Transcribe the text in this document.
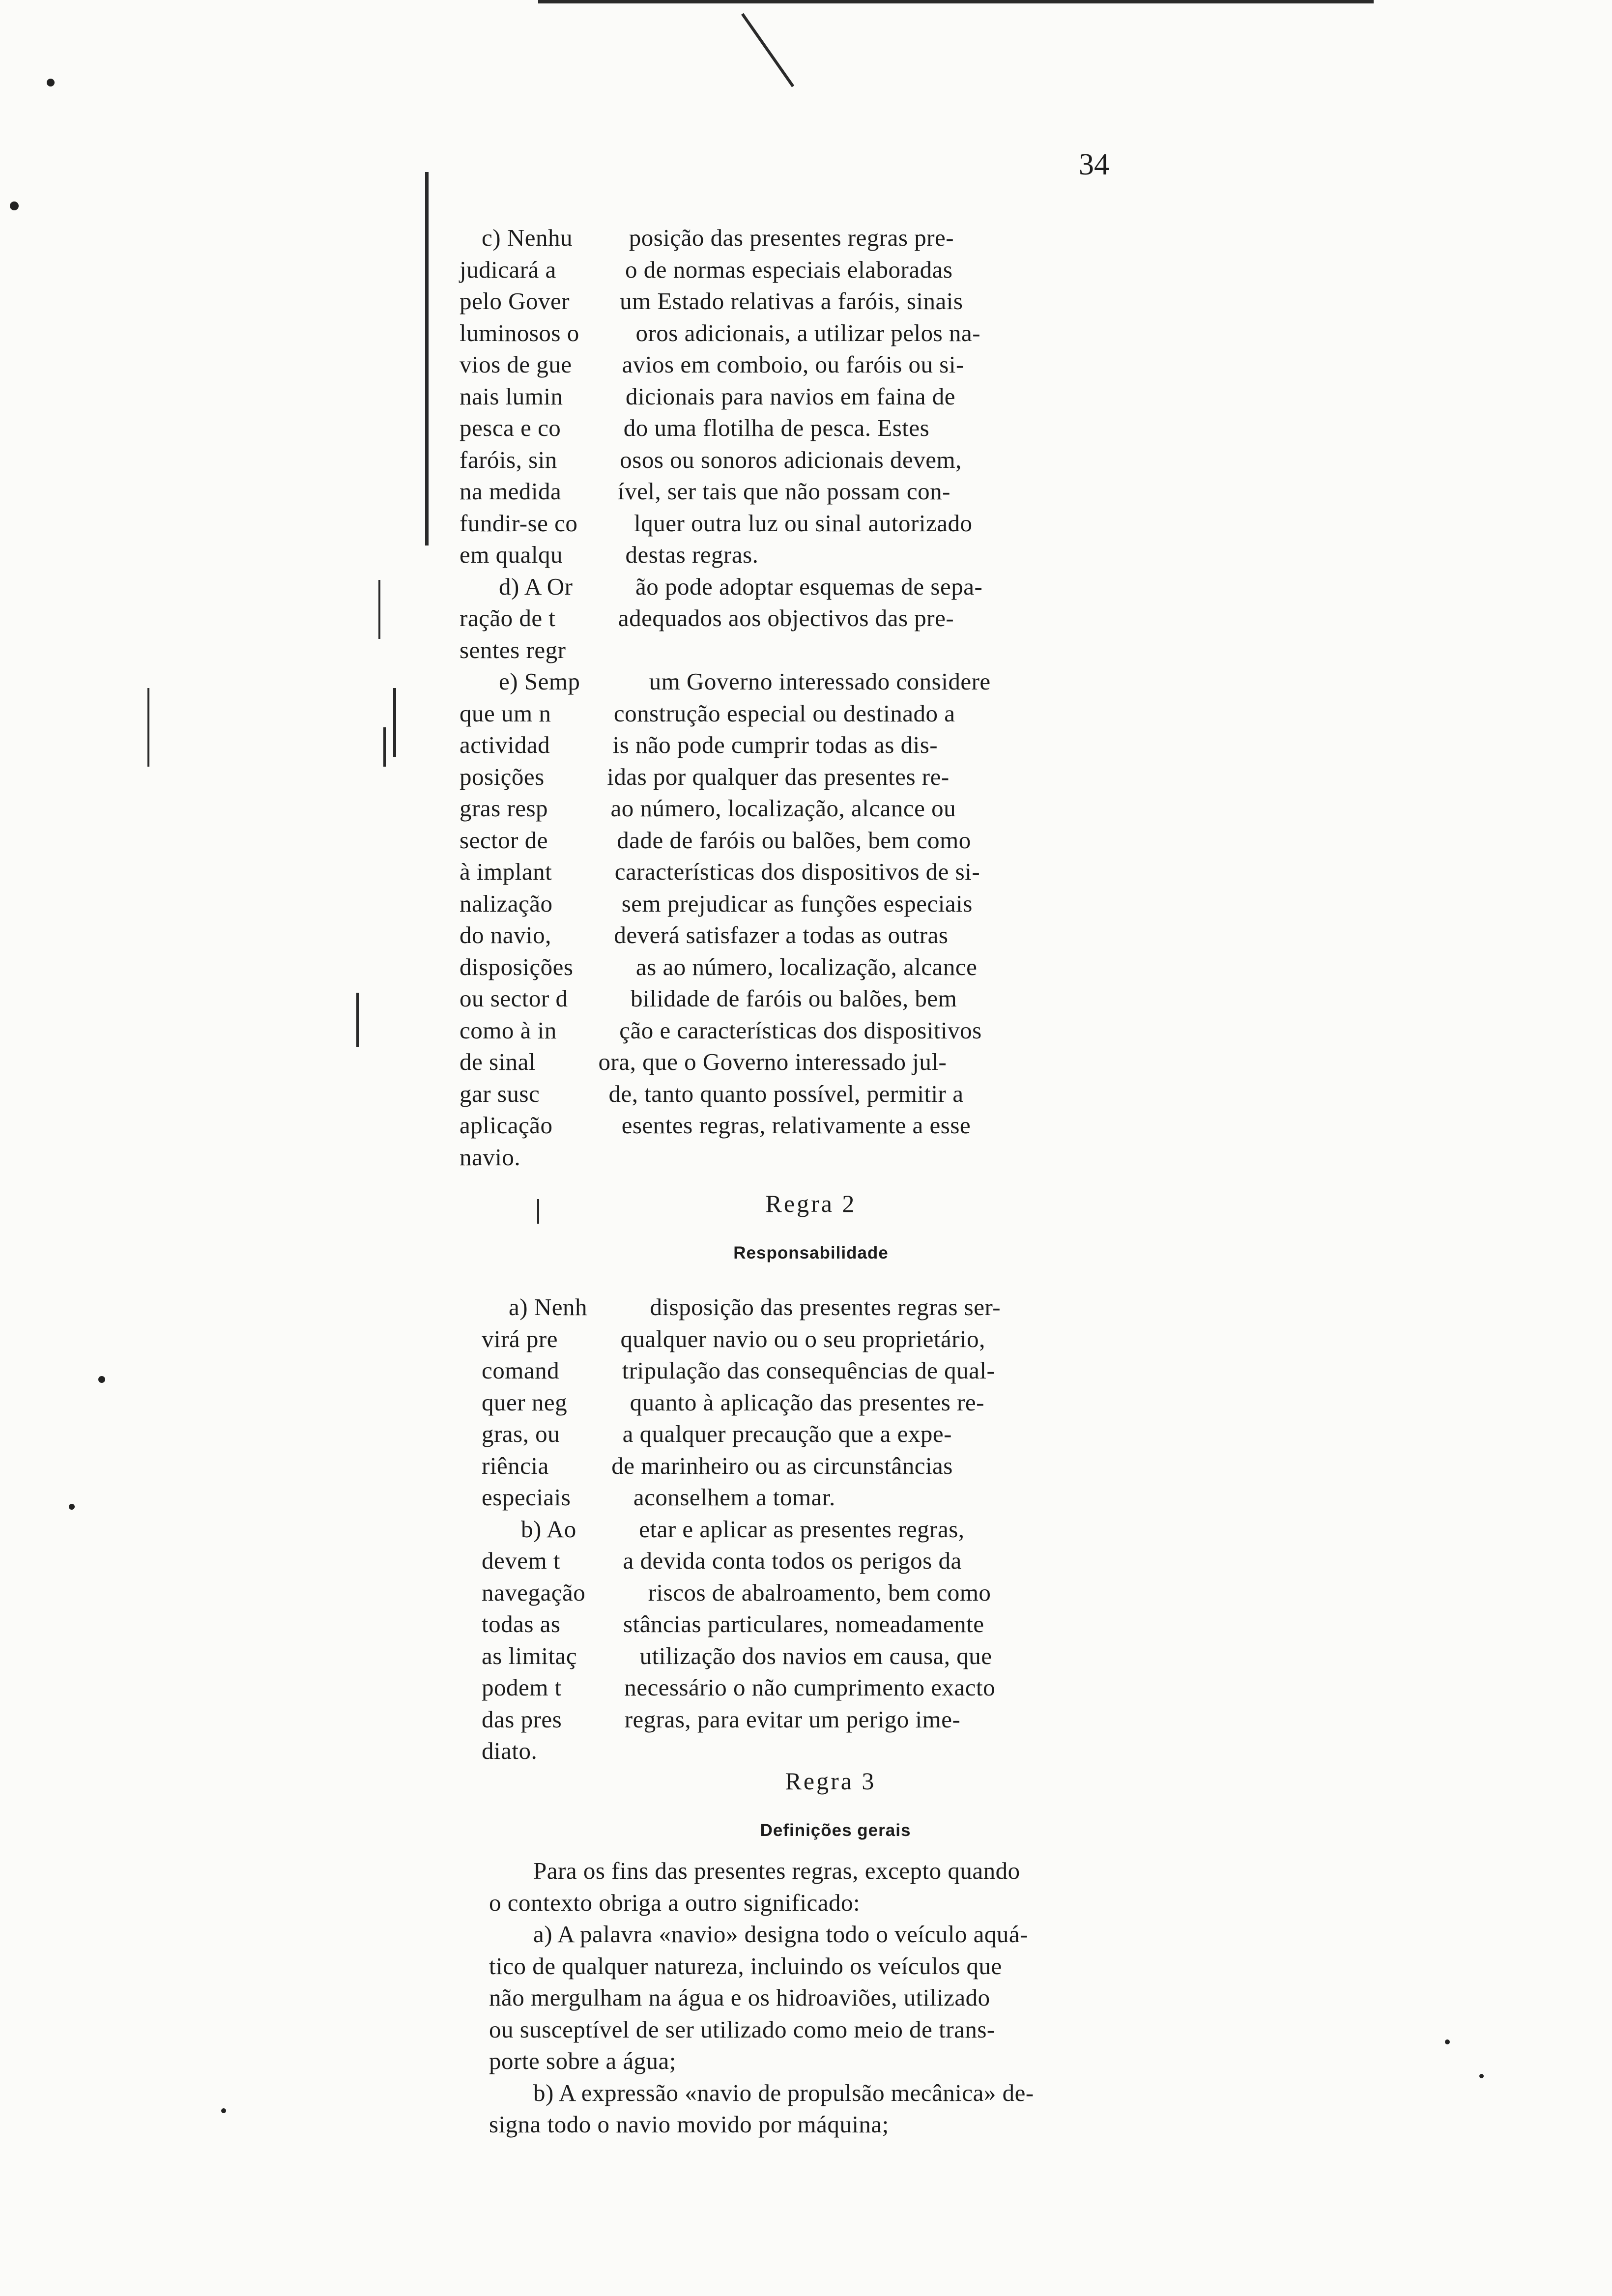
34
c) Nenhu         posição das presentes regras pre-
judicará a           o de normas especiais elaboradas
pelo Gover        um Estado relativas a faróis, sinais
luminosos o         oros adicionais, a utilizar pelos na-
vios de gue        avios em comboio, ou faróis ou si-
nais lumin          dicionais para navios em faina de
pesca e co          do uma flotilha de pesca. Estes
faróis, sin          osos ou sonoros adicionais devem,
na medida         ível, ser tais que não possam con-
fundir-se co         lquer outra luz ou sinal autorizado
em qualqu          destas regras.
d) A Or          ão pode adoptar esquemas de sepa-
ração de t          adequados aos objectivos das pre-
sentes regr
e) Semp           um Governo interessado considere
que um n          construção especial ou destinado a
actividad          is não pode cumprir todas as dis-
posições          idas por qualquer das presentes re-
gras resp          ao número, localização, alcance ou
sector de           dade de faróis ou balões, bem como
à implant          características dos dispositivos de si-
nalização           sem prejudicar as funções especiais
do navio,          deverá satisfazer a todas as outras
disposições          as ao número, localização, alcance
ou sector d          bilidade de faróis ou balões, bem
como à in          ção e características dos dispositivos
de sinal          ora, que o Governo interessado jul-
gar susc           de, tanto quanto possível, permitir a
aplicação           esentes regras, relativamente a esse
navio.
Regra 2
Responsabilidade
a) Nenh          disposição das presentes regras ser-
virá pre          qualquer navio ou o seu proprietário,
comand          tripulação das consequências de qual-
quer neg          quanto à aplicação das presentes re-
gras, ou          a qualquer precaução que a expe-
riência          de marinheiro ou as circunstâncias
especiais          aconselhem a tomar.
b) Ao          etar e aplicar as presentes regras,
devem t          a devida conta todos os perigos da
navegação          riscos de abalroamento, bem como
todas as          stâncias particulares, nomeadamente
as limitaç          utilização dos navios em causa, que
podem t          necessário o não cumprimento exacto
das pres          regras, para evitar um perigo ime-
diato.
Regra 3
Definições gerais
Para os fins das presentes regras, excepto quando
o contexto obriga a outro significado:
a) A palavra «navio» designa todo o veículo aquá-
tico de qualquer natureza, incluindo os veículos que
não mergulham na água e os hidroaviões, utilizado
ou susceptível de ser utilizado como meio de trans-
porte sobre a água;
b) A expressão «navio de propulsão mecânica» de-
signa todo o navio movido por máquina;
